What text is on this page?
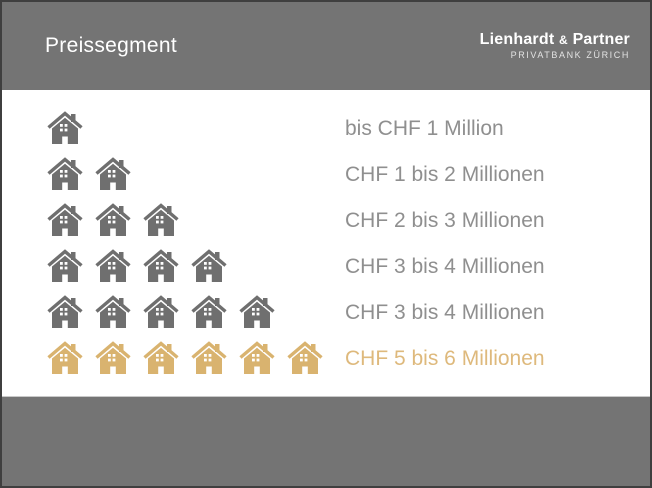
Preissegment	Lienhardt & Partner
PRIVATBANK ZÜRICH
bis CHF 1 Million
CHF 1 bis 2 Millionen
CHF 2 bis 3 Millionen
CHF 3 bis 4 Millionen
CHF 3 bis 4 Millionen
CHF 5 bis 6 Millionen
